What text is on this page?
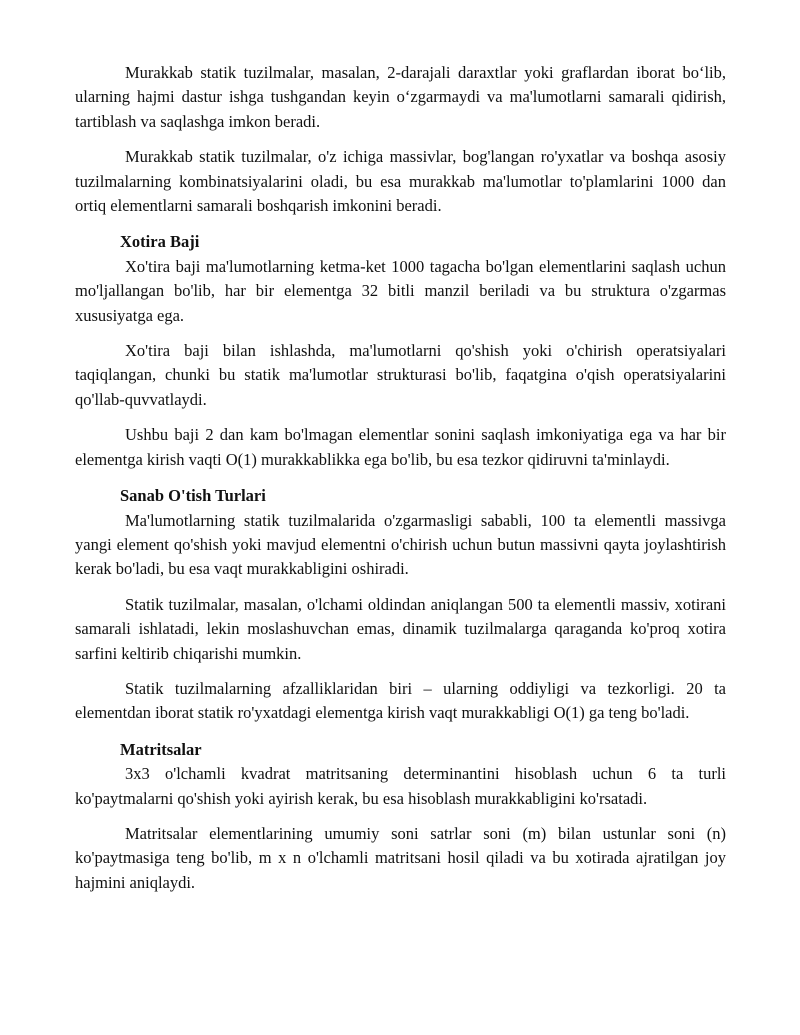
Murakkab statik tuzilmalar, masalan, 2-darajali daraxtlar yoki graflardan iborat bo‘lib, ularning hajmi dastur ishga tushgandan keyin o‘zgarmaydi va ma'lumotlarni samarali qidirish, tartiblash va saqlashga imkon beradi.

Murakkab statik tuzilmalar, o'z ichiga massivlar, bog'langan ro'yxatlar va boshqa asosiy tuzilmalarning kombinatsiyalarini oladi, bu esa murakkab ma'lumotlar to'plamlarini 1000 dan ortiq elementlarni samarali boshqarish imkonini beradi.

Xotira Baji

Xo'tira baji ma'lumotlarning ketma-ket 1000 tagacha bo'lgan elementlarini saqlash uchun mo'ljallangan bo'lib, har bir elementga 32 bitli manzil beriladi va bu struktura o'zgarmas xususiyatga ega.

Xo'tira baji bilan ishlashda, ma'lumotlarni qo'shish yoki o'chirish operatsiyalari taqiqlangan, chunki bu statik ma'lumotlar strukturasi bo'lib, faqatgina o'qish operatsiyalarini qo'llab-quvvatlaydi.

Ushbu baji 2 dan kam bo'lmagan elementlar sonini saqlash imkoniyatiga ega va har bir elementga kirish vaqti O(1) murakkablikka ega bo'lib, bu esa tezkor qidiruvni ta'minlaydi.

Sanab O'tish Turlari

Ma'lumotlarning statik tuzilmalarida o'zgarmasligi sababli, 100 ta elementli massivga yangi element qo'shish yoki mavjud elementni o'chirish uchun butun massivni qayta joylashtirish kerak bo'ladi, bu esa vaqt murakkabligini oshiradi.

Statik tuzilmalar, masalan, o'lchami oldindan aniqlangan 500 ta elementli massiv, xotirani samarali ishlatadi, lekin moslashuvchan emas, dinamik tuzilmalarga qaraganda ko'proq xotira sarfini keltirib chiqarishi mumkin.

Statik tuzilmalarning afzalliklaridan biri – ularning oddiyligi va tezkorligi. 20 ta elementdan iborat statik ro'yxatdagi elementga kirish vaqt murakkabligi O(1) ga teng bo'ladi.

Matritsalar

3x3 o'lchamli kvadrat matritsaning determinantini hisoblash uchun 6 ta turli ko'paytmalarni qo'shish yoki ayirish kerak, bu esa hisoblash murakkabligini ko'rsatadi.

Matritsalar elementlarining umumiy soni satrlar soni (m) bilan ustunlar soni (n) ko'paytmasiga teng bo'lib, m x n o'lchamli matritsani hosil qiladi va bu xotirada ajratilgan joy hajmini aniqlaydi.
